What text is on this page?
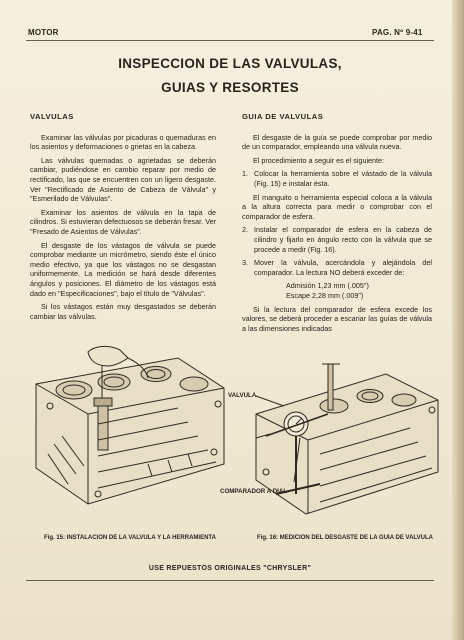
MOTOR	PAG. Nº 9-41
INSPECCION DE LAS VALVULAS,
GUIAS Y RESORTES
VALVULAS

Examinar las válvulas por picaduras o quemaduras en los asientos y deformaciones o grietas en la cabeza.

Las válvulas quemadas o agrietadas se deberán cambiar, pudiéndose en cambio reparar por medio de rectificado, las que se encuentren con un ligero desgaste. Ver "Rectificado de Asiento de Cabeza de Válvula" y "Esmerilado de Válvulas".

Examinar los asientos de válvula en la tapa de cilindros. Si estuvieran defectuosos se deberán fresar. Ver "Fresado de Asientos de Válvulas".

El desgaste de los vástagos de válvula se puede comprobar mediante un micrómetro, siendo éste el único medio efectivo, ya que los vástagos no se desgastan uniformemente. La medición se hará desde diferentes ángulos y posiciones. El diámetro de los vástagos está dado en "Especificaciones", bajo el título de "Válvulas".

Si los vástagos están muy desgastados se deberán cambiar las válvulas.

GUIA DE VALVULAS

El desgaste de la guía se puede comprobar por medio de un comparador, empleando una válvula nueva.

El procedimiento a seguir es el siguiente:

1. Colocar la herramienta sobre el vástado de la válvula (Fig. 15) e instalar ésta.

El manguito o herramienta especial coloca a la válvula a la altura correcta para medir o comprobar con el comparador de esfera.

2. Instalar el comparador de esfera en la cabeza de cilindro y fijarlo en ángulo recto con la válvula que se procede a medir (Fig. 16).
3. Mover la válvula, acercándola y alejándola del comparador. La lectura NO deberá exceder de:
Admisión 1,23 mm (.005")
Escape 2,28 mm (.009")

Si la lectura del comparador de esfera excede los valores, se deberá proceder a escariar las guías de válvula a las dimensiones indicadas

VALVULA
COMPARADOR A DIAL
Fig. 15: INSTALACION DE LA VALVULA Y LA HERRAMIENTA	Fig. 16: MEDICION DEL DESGASTE DE LA GUIA DE VALVULA
USE REPUESTOS ORIGINALES "CHRYSLER"
